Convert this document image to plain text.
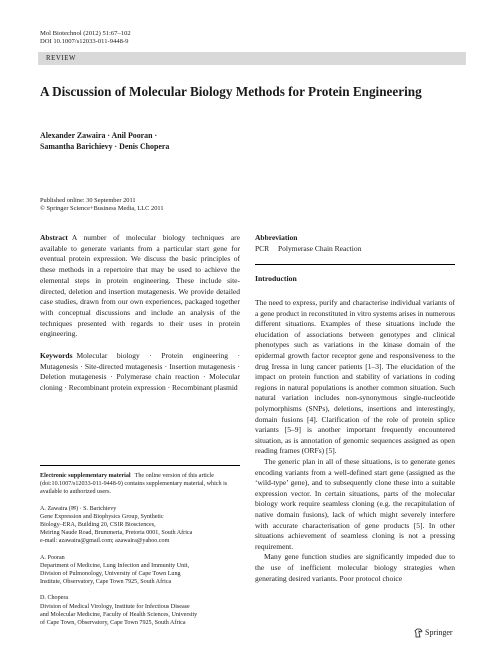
Mol Biotechnol (2012) 51:67–102
DOI 10.1007/s12033-011-9448-9
REVIEW
A Discussion of Molecular Biology Methods for Protein Engineering
Alexander Zawaira · Anil Pooran ·
Samantha Barichievy · Denis Chopera
Published online: 30 September 2011
© Springer Science+Business Media, LLC 2011

Abstract A number of molecular biology techniques are available to generate variants from a particular start gene for eventual protein expression. We discuss the basic principles of these methods in a repertoire that may be used to achieve the elemental steps in protein engineering. These include site-directed, deletion and insertion mutagenesis. We provide detailed case studies, drawn from our own experiences, packaged together with conceptual discussions and include an analysis of the techniques presented with regards to their uses in protein engineering.

Keywords Molecular biology · Protein engineering · Mutagenesis · Site-directed mutagenesis · Insertion mutagenesis · Deletion mutagenesis · Polymerase chain reaction · Molecular cloning · Recombinant protein expression · Recombinant plasmid

Electronic supplementary material The online version of this article (doi:10.1007/s12033-011-9448-9) contains supplementary material, which is available to authorized users.

A. Zawaira (✉) · S. Barichievy
Gene Expression and Biophysics Group, Synthetic
Biology–ERA, Building 20, CSIR Biosciences,
Meiring Naude Road, Brummeria, Pretoria 0001, South Africa
e-mail: azawaira@gmail.com; azawaira@yahoo.com
A. Pooran
Department of Medicine, Lung Infection and Immunity Unit,
Division of Pulmonology, University of Cape Town Lung
Institute, Observatory, Cape Town 7925, South Africa
D. Chopera
Division of Medical Virology, Institute for Infectious Disease
and Molecular Medicine, Faculty of Health Sciences, University
of Cape Town, Observatory, Cape Town 7925, South Africa
Abbreviation
PCR Polymerase Chain Reaction
Introduction

The need to express, purify and characterise individual variants of a gene product in reconstituted in vitro systems arises in numerous different situations. Examples of these situations include the elucidation of associations between genotypes and clinical phenotypes such as variations in the kinase domain of the epidermal growth factor receptor gene and responsiveness to the drug Iressa in lung cancer patients [1–3]. The elucidation of the impact on protein function and stability of variations in coding regions in natural populations is another common situation. Such natural variation includes non-synonymous single-nucleotide polymorphisms (SNPs), deletions, insertions and interestingly, domain fusions [4]. Clarification of the role of protein splice variants [5–9] is another important frequently encountered situation, as is annotation of genomic sequences assigned as open reading frames (ORFs) [5].

The generic plan in all of these situations, is to generate genes encoding variants from a well-defined start gene (assigned as the ‘wild-type’ gene), and to subsequently clone these into a suitable expression vector. In certain situations, parts of the molecular biology work require seamless cloning (e.g. the recapitulation of native domain fusions), lack of which might severely interfere with accurate characterisation of gene products [5]. In other situations achievement of seamless cloning is not a pressing requirement.

Many gene function studies are significantly impeded due to the use of inefficient molecular biology strategies when generating desired variants. Poor protocol choice

Springer
